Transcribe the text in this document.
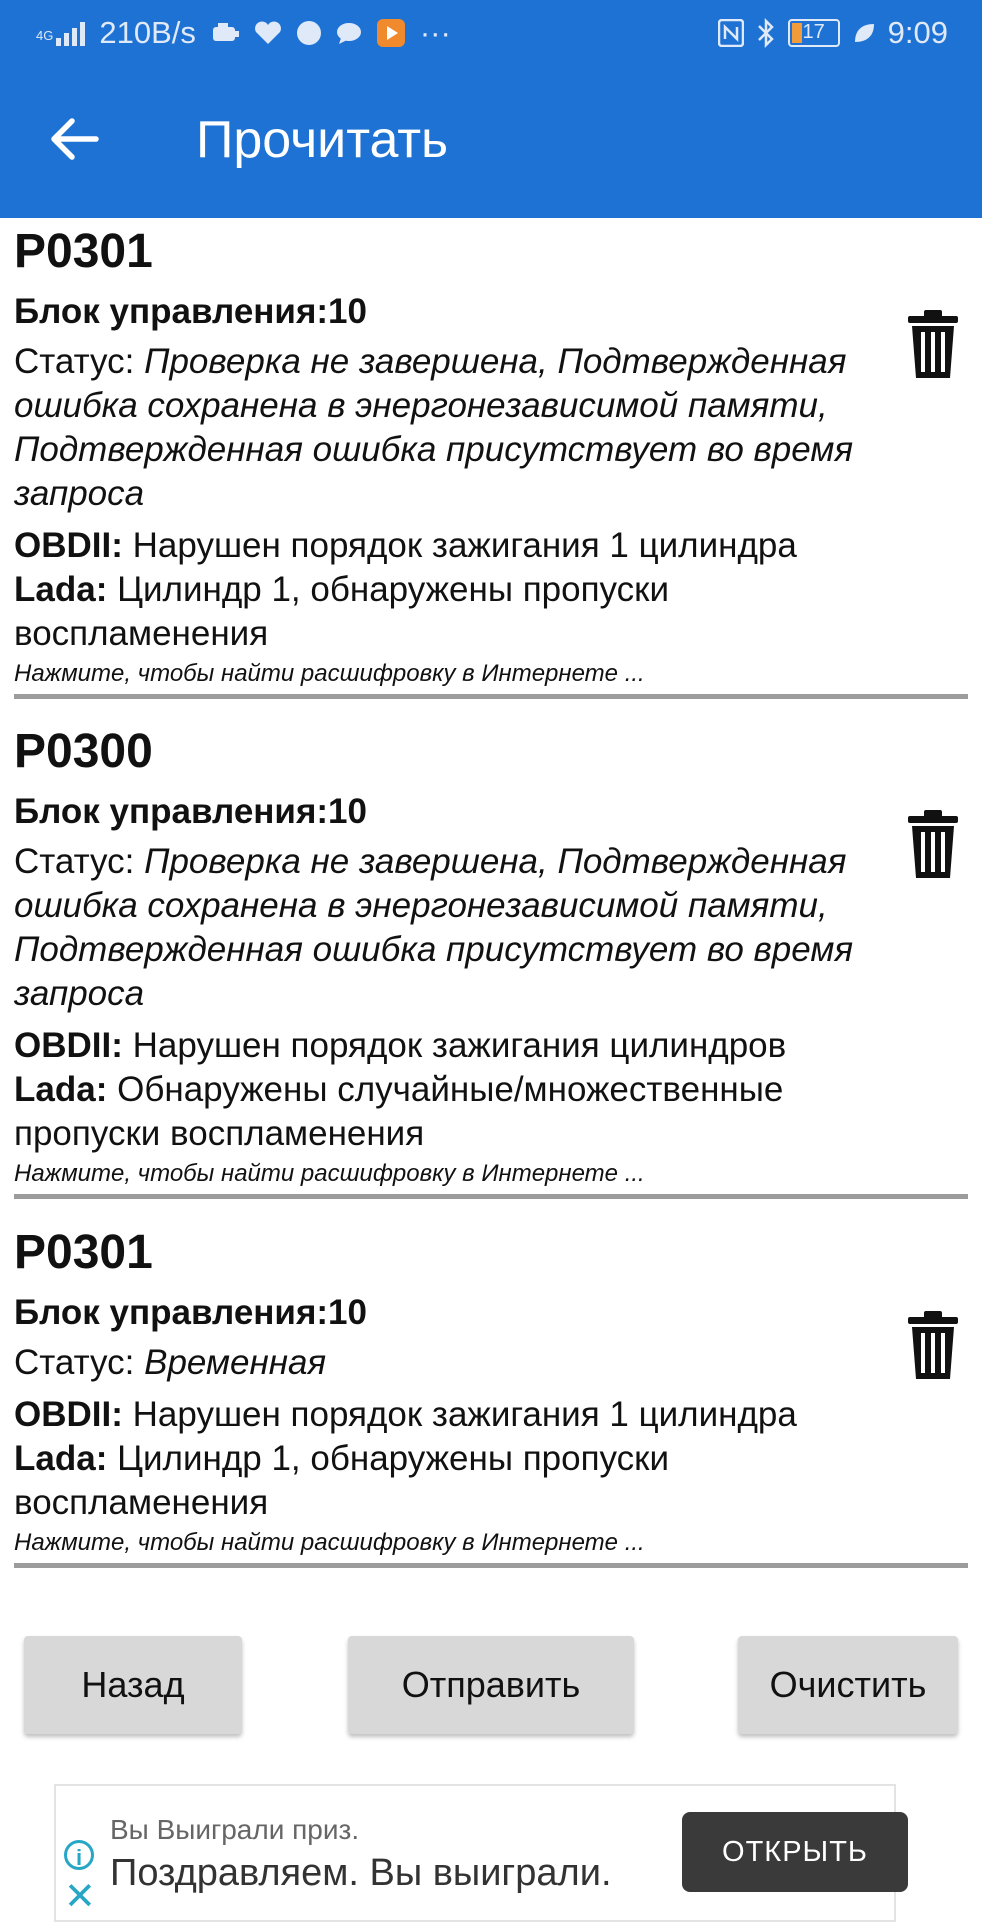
4G 210B/s	···	17	9:09
Прочитать
P0301
Блок управления:10
Статус: Проверка не завершена, Подтвержденная ошибка сохранена в энергонезависимой памяти, Подтвержденная ошибка присутствует во время запроса
OBDII: Нарушен порядок зажигания 1 цилиндра
Lada: Цилиндр 1, обнаружены пропуски воспламенения
Нажмите, чтобы найти расшифровку в Интернете ...
P0300
Блок управления:10
Статус: Проверка не завершена, Подтвержденная ошибка сохранена в энергонезависимой памяти, Подтвержденная ошибка присутствует во время запроса
OBDII: Нарушен порядок зажигания цилиндров
Lada: Обнаружены случайные/множественные пропуски воспламенения
Нажмите, чтобы найти расшифровку в Интернете ...
P0301
Блок управления:10
Статус: Временная
OBDII: Нарушен порядок зажигания 1 цилиндра
Lada: Цилиндр 1, обнаружены пропуски воспламенения
Нажмите, чтобы найти расшифровку в Интернете ...
Назад	Отправить	Очистить
i
✕
Вы Выиграли приз.
Поздравляем. Вы выиграли.
ОТКРЫТЬ
